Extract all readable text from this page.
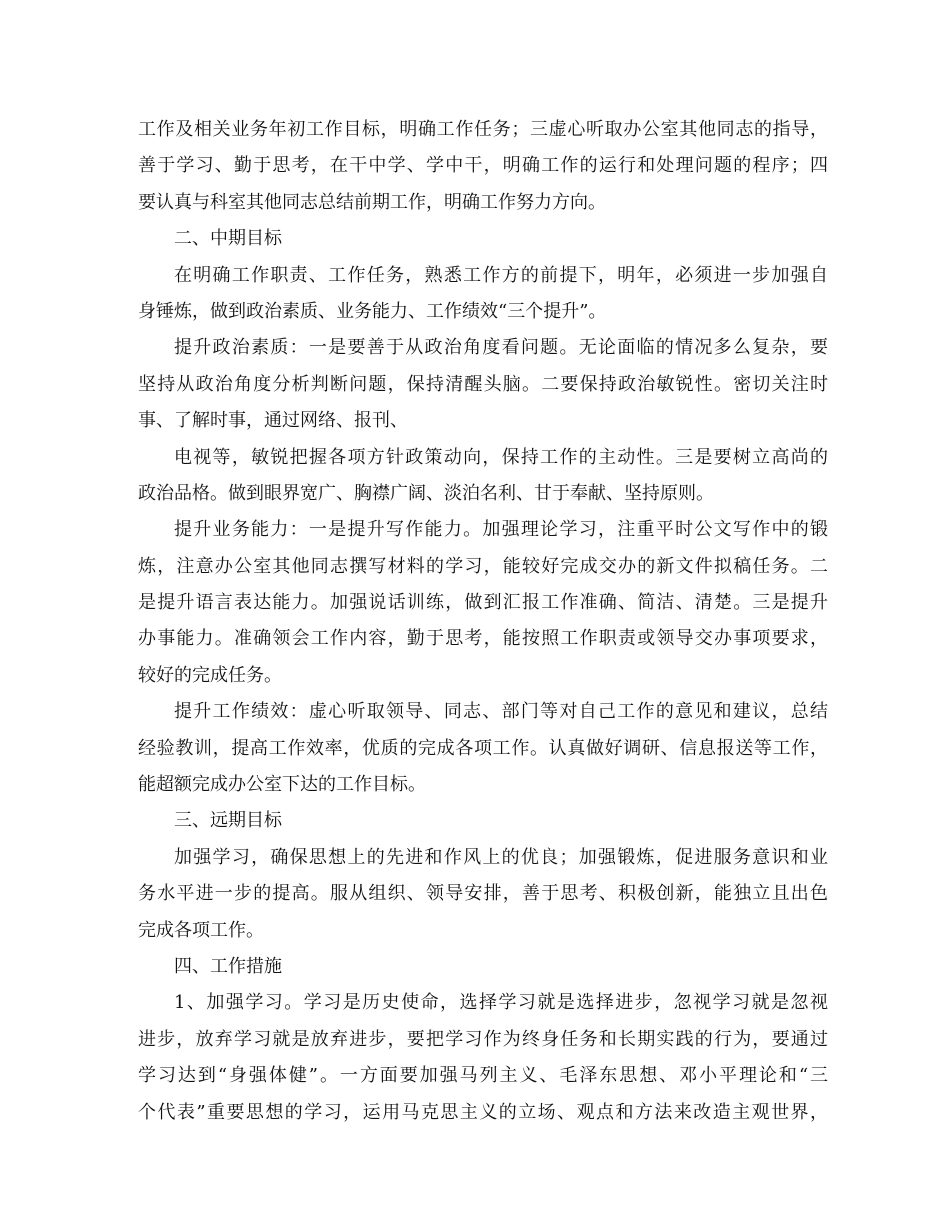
工作及相关业务年初工作目标，明确工作任务；三虚心听取办公室其他同志的指导，
善于学习、勤于思考，在干中学、学中干，明确工作的运行和处理问题的程序；四
要认真与科室其他同志总结前期工作，明确工作努力方向。
二、中期目标
在明确工作职责、工作任务，熟悉工作方的前提下，明年，必须进一步加强自
身锤炼，做到政治素质、业务能力、工作绩效“三个提升”。
提升政治素质：一是要善于从政治角度看问题。无论面临的情况多么复杂，要
坚持从政治角度分析判断问题，保持清醒头脑。二要保持政治敏锐性。密切关注时
事、了解时事，通过网络、报刊、
电视等，敏锐把握各项方针政策动向，保持工作的主动性。三是要树立高尚的
政治品格。做到眼界宽广、胸襟广阔、淡泊名利、甘于奉献、坚持原则。
提升业务能力：一是提升写作能力。加强理论学习，注重平时公文写作中的锻
炼，注意办公室其他同志撰写材料的学习，能较好完成交办的新文件拟稿任务。二
是提升语言表达能力。加强说话训练，做到汇报工作准确、简洁、清楚。三是提升
办事能力。准确领会工作内容，勤于思考，能按照工作职责或领导交办事项要求，
较好的完成任务。
提升工作绩效：虚心听取领导、同志、部门等对自己工作的意见和建议，总结
经验教训，提高工作效率，优质的完成各项工作。认真做好调研、信息报送等工作，
能超额完成办公室下达的工作目标。
三、远期目标
加强学习，确保思想上的先进和作风上的优良；加强锻炼，促进服务意识和业
务水平进一步的提高。服从组织、领导安排，善于思考、积极创新，能独立且出色
完成各项工作。
四、工作措施
1、加强学习。学习是历史使命，选择学习就是选择进步，忽视学习就是忽视
进步，放弃学习就是放弃进步，要把学习作为终身任务和长期实践的行为，要通过
学习达到“身强体健”。一方面要加强马列主义、毛泽东思想、邓小平理论和“三
个代表”重要思想的学习，运用马克思主义的立场、观点和方法来改造主观世界，
